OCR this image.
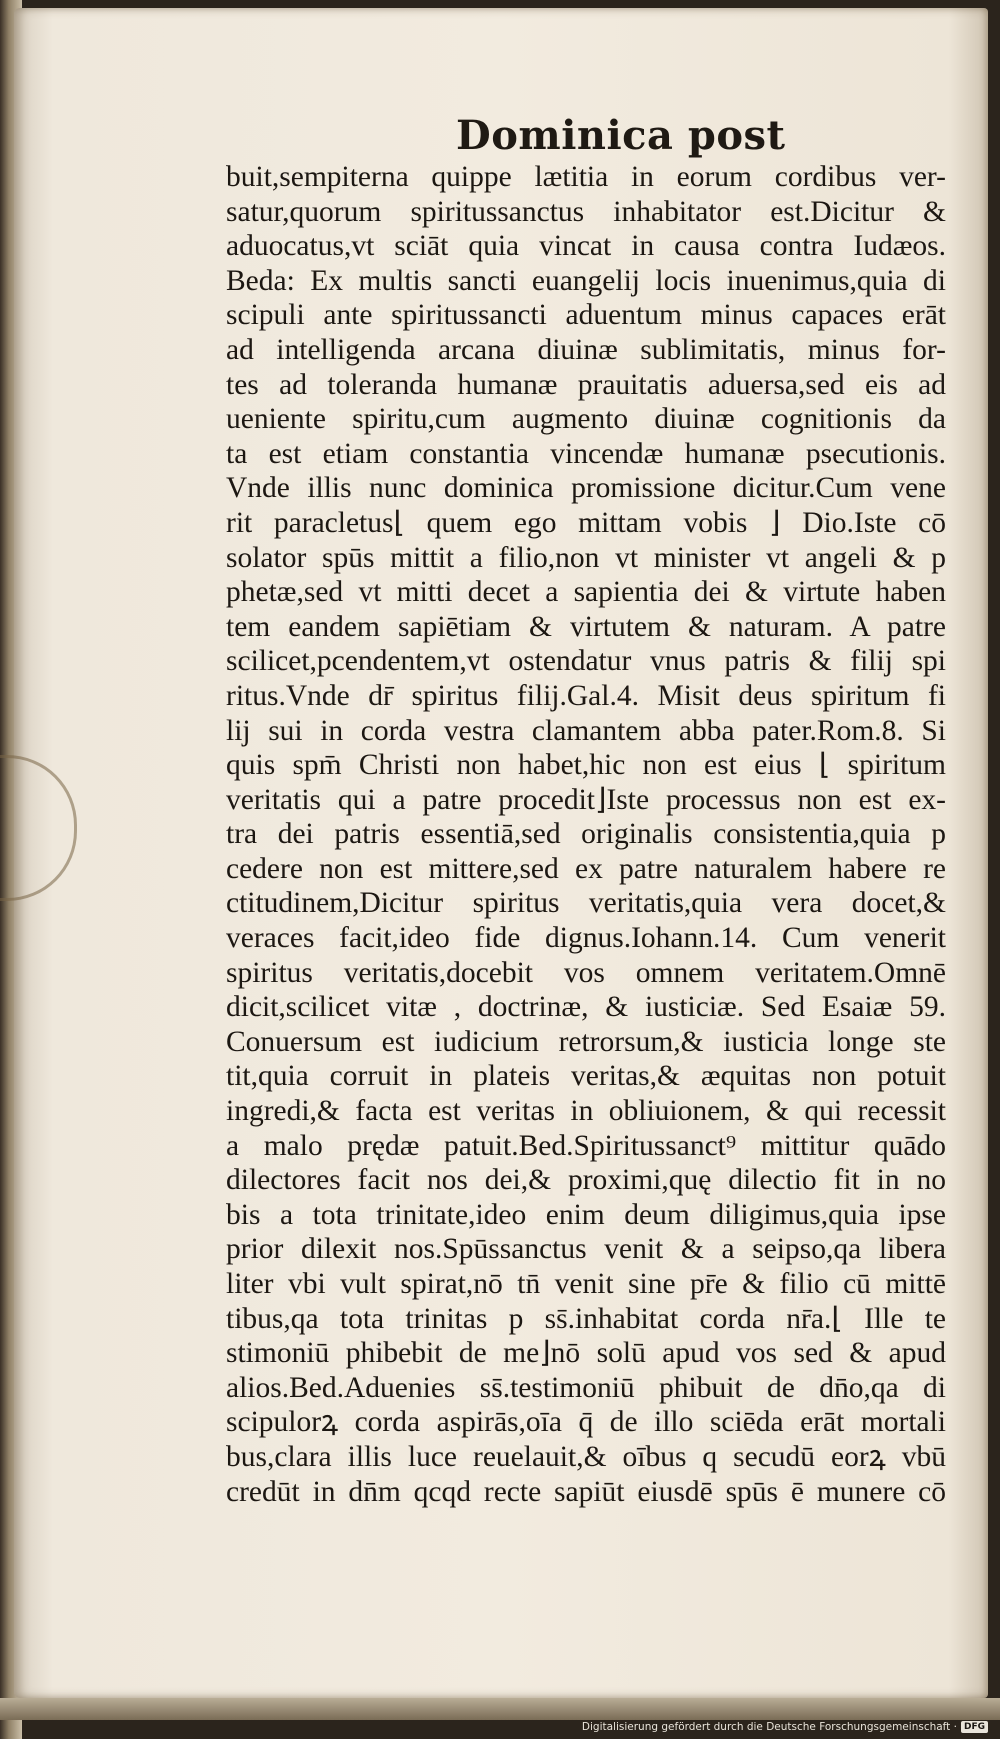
Dominica post
buit,sempiterna quippe lætitia in eorum cordibus ver-
satur,quorum spiritussanctus inhabitator est.Dicitur &
aduocatus,vt sciāt quia vincat in causa contra Iudæos.
Beda: Ex multis sancti euangelij locis inuenimus,quia di
scipuli ante spiritussancti aduentum minus capaces erāt
ad intelligenda arcana diuinæ sublimitatis, minus for-
tes ad toleranda humanæ prauitatis aduersa,sed eis ad
ueniente spiritu,cum augmento diuinæ cognitionis da
ta est etiam constantia vincendæ humanæ psecutionis.
Vnde illis nunc dominica promissione dicitur.Cum vene
rit paracletus⌊ quem ego mittam vobis ⌋ Dio.Iste cō
solator spūs mittit a filio,non vt minister vt angeli & p
phetæ,sed vt mitti decet a sapientia dei & virtute haben
tem eandem sapiētiam & virtutem & naturam. A patre
scilicet,pcendentem,vt ostendatur vnus patris & filij spi
ritus.Vnde dr̄ spiritus filij.Gal.4. Misit deus spiritum fi
lij sui in corda vestra clamantem abba pater.Rom.8. Si
quis spm̄ Christi non habet,hic non est eius ⌊ spiritum
veritatis qui a patre procedit⌋Iste processus non est ex-
tra dei patris essentiā,sed originalis consistentia,quia p
cedere non est mittere,sed ex patre naturalem habere re
ctitudinem,Dicitur spiritus veritatis,quia vera docet,&
veraces facit,ideo fide dignus.Iohann.14. Cum venerit
spiritus veritatis,docebit vos omnem veritatem.Omnē
dicit,scilicet vitæ , doctrinæ, & iusticiæ. Sed Esaiæ 59.
Conuersum est iudicium retrorsum,& iusticia longe ste
tit,quia corruit in plateis veritas,& æquitas non potuit
ingredi,& facta est veritas in obliuionem, & qui recessit
a malo prędæ patuit.Bed.Spiritussanct⁹ mittitur quādo
dilectores facit nos dei,& proximi,quę dilectio fit in no
bis a tota trinitate,ideo enim deum diligimus,quia ipse
prior dilexit nos.Spūssanctus venit & a seipso,qa libera
liter vbi vult spirat,nō tn̄ venit sine pr̄e & filio cū mittē
tibus,qa tota trinitas p ss̄.inhabitat corda nr̄a.⌊ Ille te
stimoniū phibebit de me⌋nō solū apud vos sed & apud
alios.Bed.Aduenies ss̄.testimoniū phibuit de dn̄o,qa di
scipulorꝝ corda aspirās,oīa q̄ de illo sciēda erāt mortali
bus,clara illis luce reuelauit,& oībus q secudū eorꝝ vbū
credūt in dn̄m qcqd recte sapiūt eiusdē spūs ē munere cō
Digitalisierung gefördert durch die Deutsche Forschungsgemeinschaft · DFG
